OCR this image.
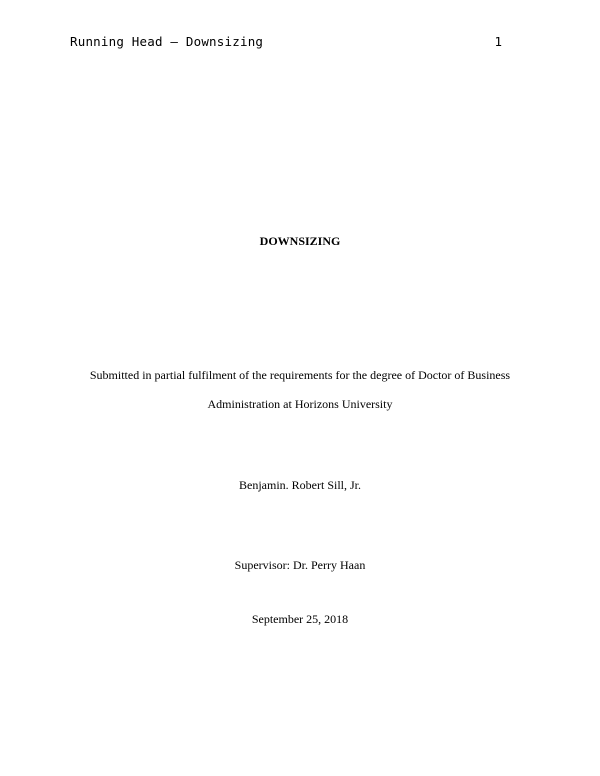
Running Head – Downsizing	1
DOWNSIZING
Submitted in partial fulfilment of the requirements for the degree of Doctor of Business
Administration at Horizons University
Benjamin. Robert Sill, Jr.
Supervisor: Dr. Perry Haan
September 25, 2018
